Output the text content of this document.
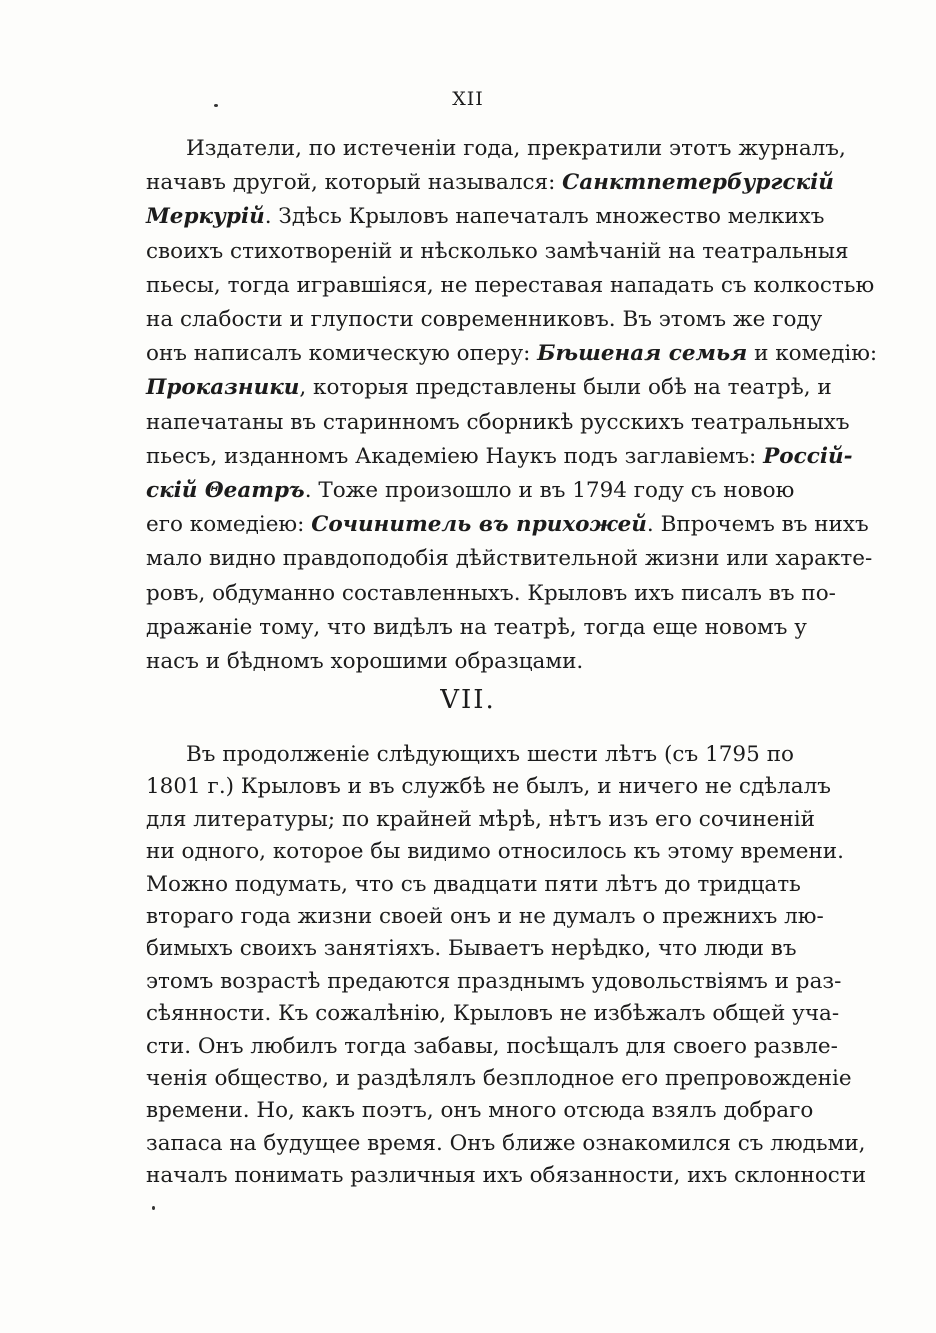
XII
Издатели, по истеченіи года, прекратили этотъ журналъ,
начавъ другой, который назывался: Санктпетербургскій
Меркурій. Здѣсь Крыловъ напечаталъ множество мелкихъ
своихъ стихотвореній и нѣсколько замѣчаній на театральныя
пьесы, тогда игравшіяся, не переставая нападать съ колкостью
на слабости и глупости современниковъ. Въ этомъ же году
онъ написалъ комическую оперу: Бѣшеная семья и комедію:
Проказники, которыя представлены были обѣ на театрѣ, и
напечатаны въ старинномъ сборникѣ русскихъ театральныхъ
пьесъ, изданномъ Академіею Наукъ подъ заглавіемъ: Россій-
скій Θеатръ. Тоже произошло и въ 1794 году съ новою
его комедіею: Сочинитель въ прихожей. Впрочемъ въ нихъ
мало видно правдоподобія дѣйствительной жизни или характе-
ровъ, обдуманно составленныхъ. Крыловъ ихъ писалъ въ по-
дражаніе тому, что видѣлъ на театрѣ, тогда еще новомъ у
насъ и бѣдномъ хорошими образцами.
VII.
Въ продолженіе слѣдующихъ шести лѣтъ (съ 1795 по
1801 г.) Крыловъ и въ службѣ не былъ, и ничего не сдѣлалъ
для литературы; по крайней мѣрѣ, нѣтъ изъ его сочиненій
ни одного, которое бы видимо относилось къ этому времени.
Можно подумать, что съ двадцати пяти лѣтъ до тридцать
втораго года жизни своей онъ и не думалъ о прежнихъ лю-
бимыхъ своихъ занятіяхъ. Бываетъ нерѣдко, что люди въ
этомъ возрастѣ предаются празднымъ удовольствіямъ и раз-
сѣянности. Къ сожалѣнію, Крыловъ не избѣжалъ общей уча-
сти. Онъ любилъ тогда забавы, посѣщалъ для своего развле-
ченія общество, и раздѣлялъ безплодное его препровожденіе
времени. Но, какъ поэтъ, онъ много отсюда взялъ добраго
запаса на будущее время. Онъ ближе ознакомился съ людьми,
началъ понимать различныя ихъ обязанности, ихъ склонности
